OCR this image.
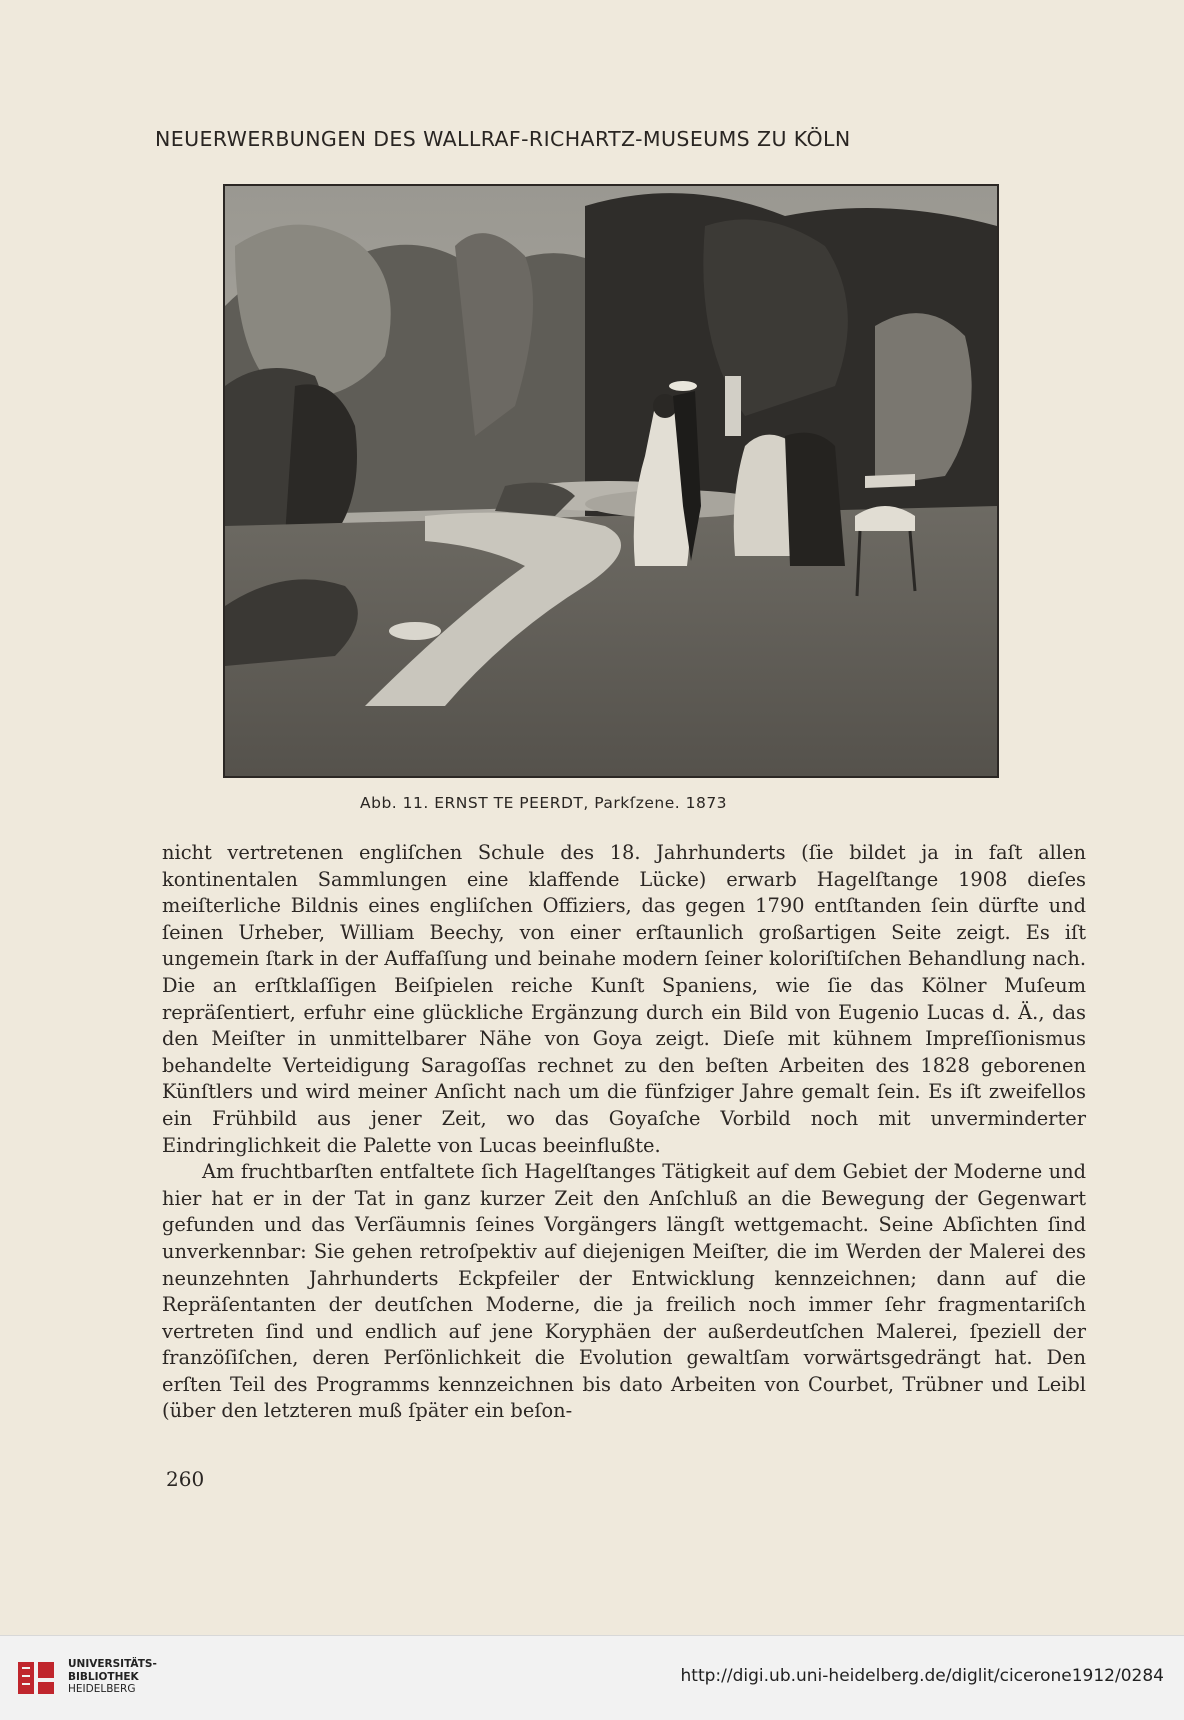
NEUERWERBUNGEN DES WALLRAF-RICHARTZ-MUSEUMS ZU KÖLN
Abb. 11. ERNST TE PEERDT, Parkſzene. 1873

nicht vertretenen engliſchen Schule des 18. Jahrhunderts (ſie bildet ja in faſt allen kontinentalen Sammlungen eine klaffende Lücke) erwarb Hagelſtange 1908 dieſes meiſterliche Bildnis eines engliſchen Offiziers, das gegen 1790 entſtanden ſein dürfte und ſeinen Urheber, William Beechy, von einer erſtaunlich großartigen Seite zeigt. Es iſt ungemein ſtark in der Auffaſſung und beinahe modern ſeiner koloriſtiſchen Behandlung nach. Die an erſtklaſſigen Beiſpielen reiche Kunſt Spaniens, wie ſie das Kölner Muſeum repräſentiert, erfuhr eine glückliche Ergänzung durch ein Bild von Eugenio Lucas d. Ä., das den Meiſter in unmittelbarer Nähe von Goya zeigt. Dieſe mit kühnem Impreſſionismus behandelte Verteidigung Saragoſſas rechnet zu den beſten Arbeiten des 1828 geborenen Künſtlers und wird meiner Anſicht nach um die fünfziger Jahre gemalt ſein. Es iſt zweifellos ein Frühbild aus jener Zeit, wo das Goyaſche Vorbild noch mit unverminderter Eindringlichkeit die Palette von Lucas beeinflußte.

Am fruchtbarſten entfaltete ſich Hagelſtanges Tätigkeit auf dem Gebiet der Moderne und hier hat er in der Tat in ganz kurzer Zeit den Anſchluß an die Bewegung der Gegenwart gefunden und das Verſäumnis ſeines Vorgängers längſt wettgemacht. Seine Abſichten ſind unverkennbar: Sie gehen retroſpektiv auf diejenigen Meiſter, die im Werden der Malerei des neunzehnten Jahrhunderts Eckpfeiler der Entwicklung kennzeichnen; dann auf die Repräſentanten der deutſchen Moderne, die ja freilich noch immer ſehr fragmentariſch vertreten ſind und endlich auf jene Koryphäen der außerdeutſchen Malerei, ſpeziell der franzöſiſchen, deren Perſönlichkeit die Evolution gewaltſam vorwärtsgedrängt hat. Den erſten Teil des Programms kennzeichnen bis dato Arbeiten von Courbet, Trübner und Leibl (über den letzteren muß ſpäter ein beſon-

260
UNIVERSITÄTS-
BIBLIOTHEK
HEIDELBERG
http://digi.ub.uni-heidelberg.de/diglit/cicerone1912/0284
